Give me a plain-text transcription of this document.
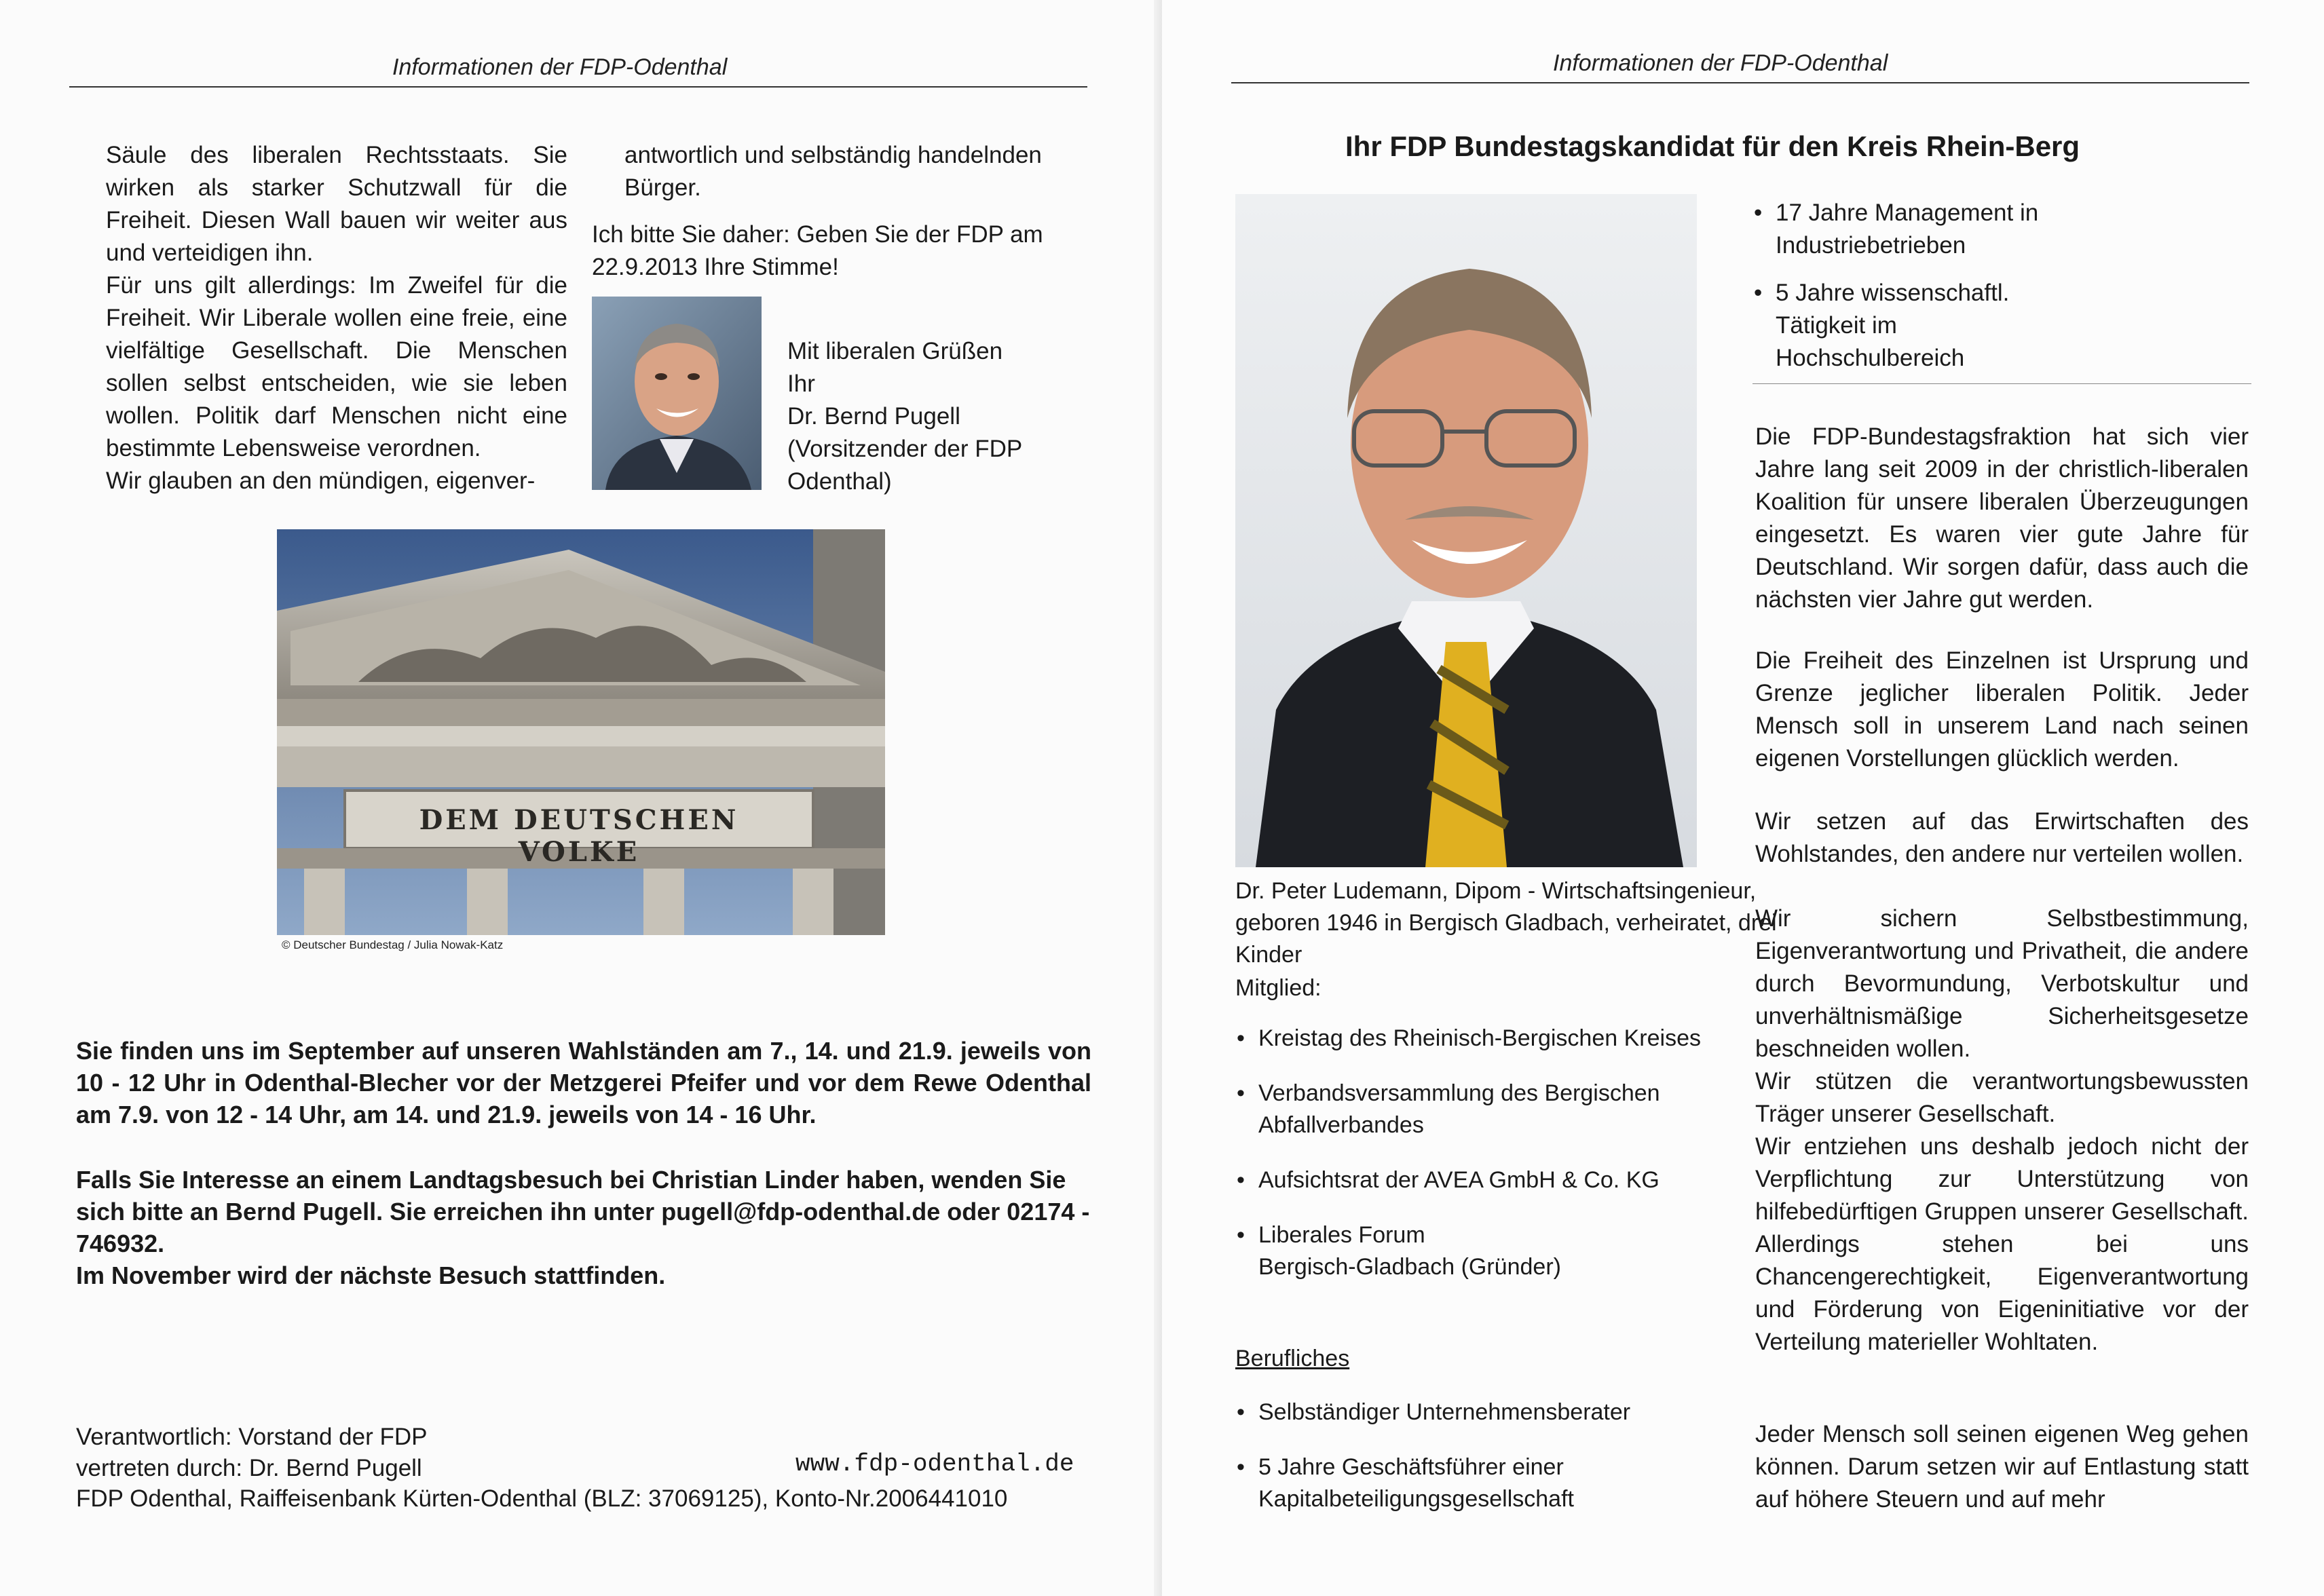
Informationen der FDP-Odenthal

Säule des liberalen Rechtsstaats. Sie wirken als starker Schutzwall für die Freiheit. Diesen Wall bauen wir weiter aus und verteidigen ihn.
Für uns gilt allerdings: Im Zweifel für die Freiheit. Wir Liberale wollen eine freie, eine vielfältige Gesellschaft. Die Menschen sollen selbst entscheiden, wie sie leben wollen. Politik darf Menschen nicht eine bestimmte Lebensweise verordnen.
Wir glauben an den mündigen, eigenver-

antwortlich und selbständig handelnden Bürger.

Ich bitte Sie daher: Geben Sie der FDP am 22.9.2013 Ihre Stimme!

Mit liberalen Grüßen
Ihr
Dr. Bernd Pugell
(Vorsitzender der FDP Odenthal)

DEM DEUTSCHEN VOLKE
© Deutscher Bundestag / Julia Nowak-Katz

Sie finden uns im September auf unseren Wahlständen am 7., 14. und 21.9. jeweils von 10 - 12 Uhr in Odenthal-Blecher vor der Metzgerei Pfeifer und vor dem Rewe Odenthal am 7.9. von 12 - 14 Uhr, am 14. und 21.9. jeweils von 14 - 16 Uhr.

Falls Sie Interesse an einem Landtagsbesuch bei Christian Linder haben, wenden Sie sich bitte an Bernd Pugell. Sie erreichen ihn unter pugell@fdp-odenthal.de oder 02174 - 746932.
Im November wird der nächste Besuch stattfinden.

Verantwortlich: Vorstand der FDP

vertreten durch: Dr. Bernd Pugell	www.fdp-odenthal.de

FDP Odenthal, Raiffeisenbank Kürten-Odenthal (BLZ: 37069125), Konto-Nr.2006441010

Informationen der FDP-Odenthal
Ihr FDP Bundestagskandidat für den Kreis Rhein-Berg
• 17 Jahre Management in Industriebetrieben
• 5 Jahre wissenschaftl. Tätigkeit im Hochschulbereich

Die FDP-Bundestagsfraktion hat sich vier Jahre lang seit 2009 in der christlich-liberalen Koalition für unsere liberalen Überzeugungen eingesetzt. Es waren vier gute Jahre für Deutschland. Wir sorgen dafür, dass auch die nächsten vier Jahre gut werden.

Die Freiheit des Einzelnen ist Ursprung und Grenze jeglicher liberalen Politik. Jeder Mensch soll in unserem Land nach seinen eigenen Vorstellungen glücklich werden.

Wir setzen auf das Erwirtschaften des Wohlstandes, den andere nur verteilen wollen.

Wir sichern Selbstbestimmung, Eigenverantwortung und Privatheit, die andere durch Bevormundung, Verbotskultur und unverhältnismäßige Sicherheitsgesetze beschneiden wollen.
Wir stützen die verantwortungsbewussten Träger unserer Gesellschaft.
Wir entziehen uns deshalb jedoch nicht der Verpflichtung zur Unterstützung von hilfebedürftigen Gruppen unserer Gesellschaft. Allerdings stehen bei uns Chancengerechtigkeit, Eigenverantwortung und Förderung von Eigeninitiative vor der Verteilung materieller Wohltaten.

Jeder Mensch soll seinen eigenen Weg gehen können. Darum setzen wir auf Entlastung statt auf höhere Steuern und auf mehr

Dr. Peter Ludemann, Dipom - Wirtschaftsingenieur, geboren 1946 in Bergisch Gladbach, verheiratet, drei Kinder

Mitglied:

• Kreistag des Rheinisch-Bergischen Kreises
• Verbandsversammlung des Bergischen Abfallverbandes
• Aufsichtsrat der AVEA GmbH & Co. KG
• Liberales Forum
Bergisch-Gladbach (Gründer)

Berufliches

• Selbständiger Unternehmensberater
• 5 Jahre Geschäftsführer einer Kapitalbeteiligungsgesellschaft
